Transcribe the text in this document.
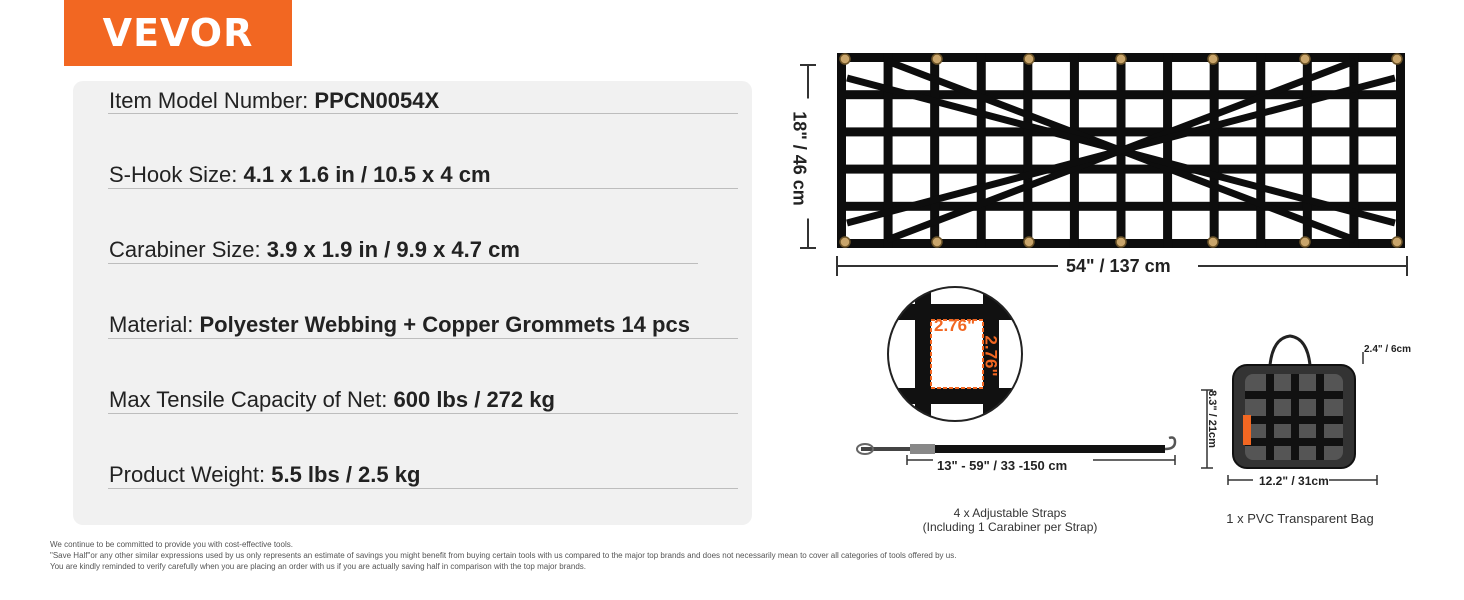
VEVOR
Item Model Number: PPCN0054X
S-Hook Size: 4.1 x 1.6 in / 10.5 x 4 cm
Carabiner Size: 3.9 x 1.9 in / 9.9 x 4.7 cm
Material: Polyester Webbing + Copper Grommets 14 pcs
Max Tensile Capacity of Net: 600 lbs / 272 kg
Product Weight: 5.5 lbs / 2.5 kg
54" / 137 cm
18" / 46 cm
2.76"
2.76"
13" - 59" / 33 -150 cm
4 x Adjustable Straps
(Including 1 Carabiner per Strap)
2.4" / 6cm
8.3" / 21cm
12.2" / 31cm
1 x PVC Transparent Bag
We continue to be committed to provide you with cost-effective tools.
"Save Half"or any other similar expressions used by us only represents an estimate of savings you might benefit from buying certain tools with us compared to the major top brands and does not necessarily mean to cover all categories of tools offered by us.
You are kindly reminded to verify carefully when you are placing an order with us if you are actually saving half in comparison with the top major brands.
